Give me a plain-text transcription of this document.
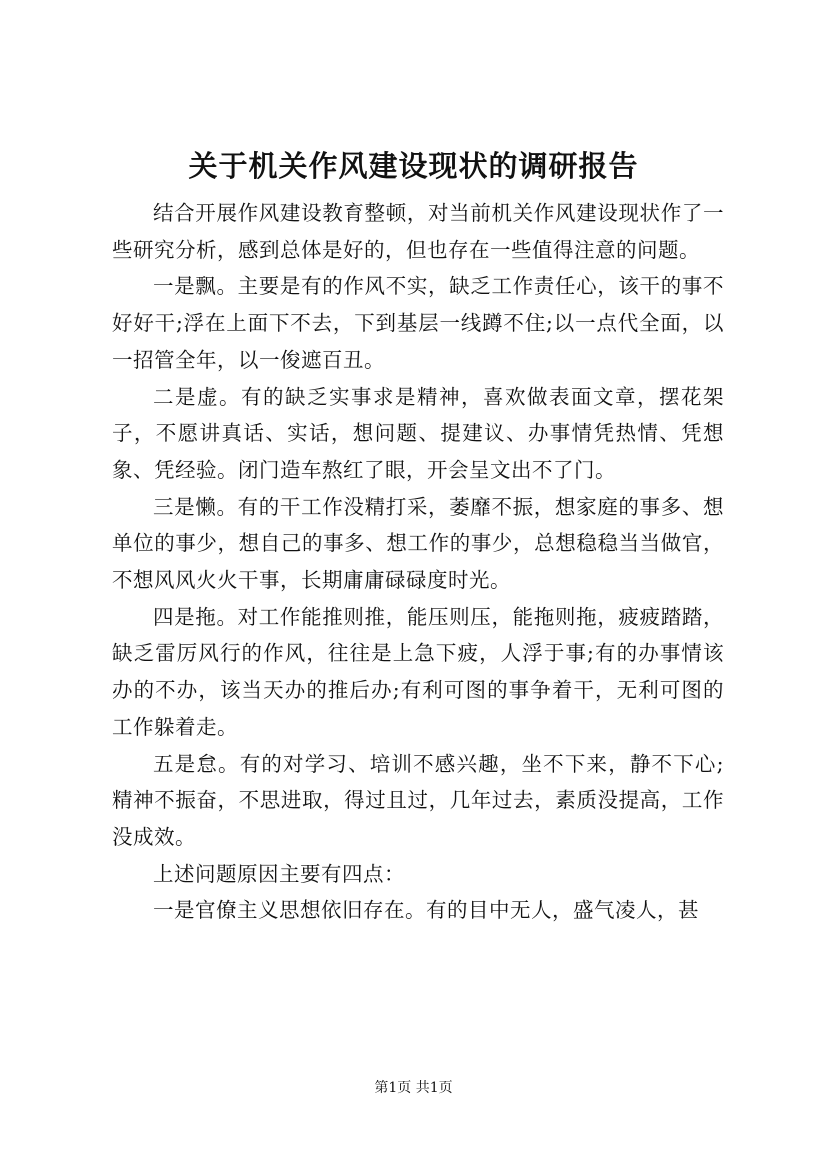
关于机关作风建设现状的调研报告

结合开展作风建设教育整顿，对当前机关作风建设现状作了一些研究分析，感到总体是好的，但也存在一些值得注意的问题。

一是飘。主要是有的作风不实，缺乏工作责任心，该干的事不好好干;浮在上面下不去，下到基层一线蹲不住;以一点代全面，以一招管全年，以一俊遮百丑。

二是虚。有的缺乏实事求是精神，喜欢做表面文章，摆花架子，不愿讲真话、实话，想问题、提建议、办事情凭热情、凭想象、凭经验。闭门造车熬红了眼，开会呈文出不了门。

三是懒。有的干工作没精打采，萎靡不振，想家庭的事多、想单位的事少，想自己的事多、想工作的事少，总想稳稳当当做官，不想风风火火干事，长期庸庸碌碌度时光。

四是拖。对工作能推则推，能压则压，能拖则拖，疲疲踏踏，缺乏雷厉风行的作风，往往是上急下疲，人浮于事;有的办事情该办的不办，该当天办的推后办;有利可图的事争着干，无利可图的工作躲着走。

五是怠。有的对学习、培训不感兴趣，坐不下来，静不下心;精神不振奋，不思进取，得过且过，几年过去，素质没提高，工作没成效。

上述问题原因主要有四点：

一是官僚主义思想依旧存在。有的目中无人，盛气凌人，甚

第1页 共1页
